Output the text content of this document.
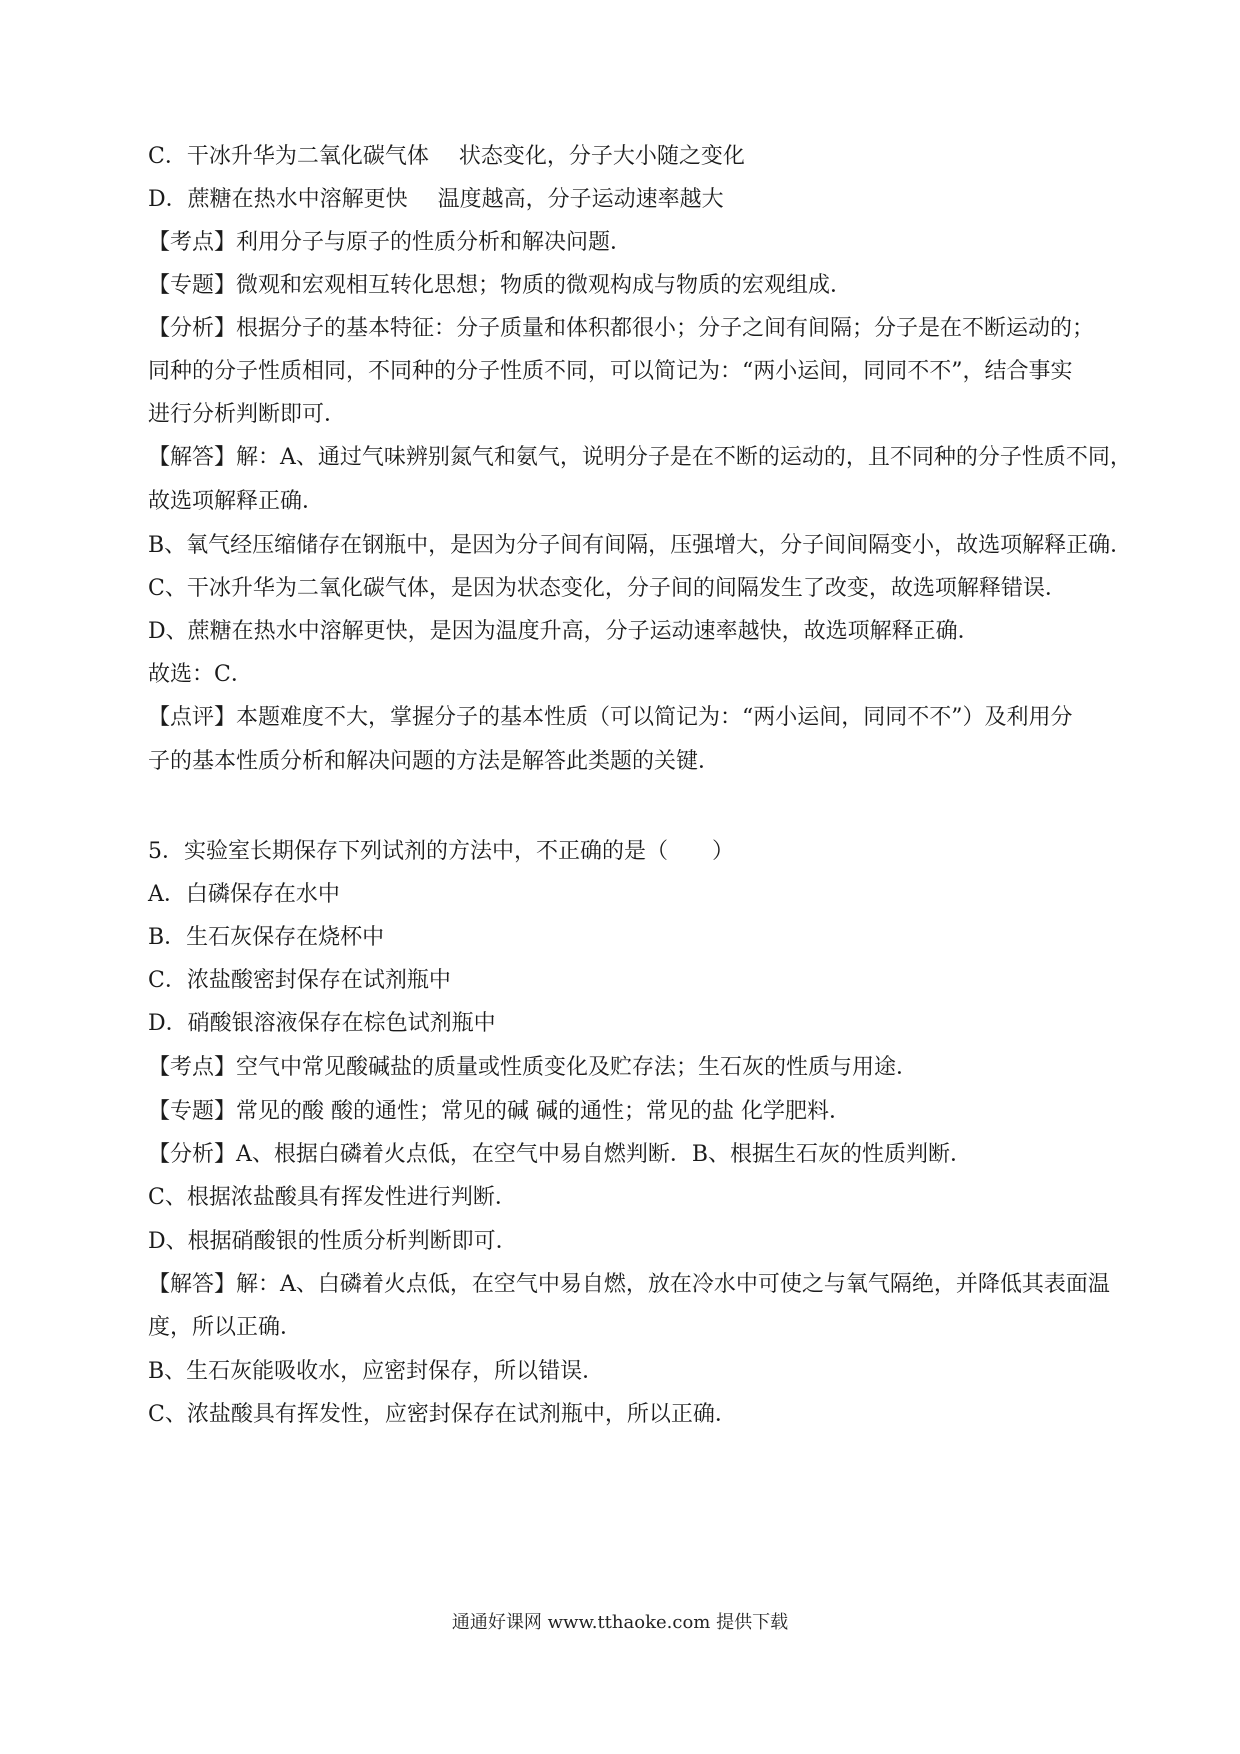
C．干冰升华为二氧化碳气体 状态变化，分子大小随之变化
D．蔗糖在热水中溶解更快 温度越高，分子运动速率越大
【考点】利用分子与原子的性质分析和解决问题．
【专题】微观和宏观相互转化思想；物质的微观构成与物质的宏观组成．
【分析】根据分子的基本特征：分子质量和体积都很小；分子之间有间隔；分子是在不断运动的；
同种的分子性质相同，不同种的分子性质不同，可以简记为：“两小运间，同同不不”，结合事实
进行分析判断即可．
【解答】解：A、通过气味辨别氮气和氨气，说明分子是在不断的运动的，且不同种的分子性质不同，
故选项解释正确．
B、氧气经压缩储存在钢瓶中，是因为分子间有间隔，压强增大，分子间间隔变小，故选项解释正确．
C、干冰升华为二氧化碳气体，是因为状态变化，分子间的间隔发生了改变，故选项解释错误．
D、蔗糖在热水中溶解更快，是因为温度升高，分子运动速率越快，故选项解释正确．
故选：C．
【点评】本题难度不大，掌握分子的基本性质（可以简记为：“两小运间，同同不不”）及利用分
子的基本性质分析和解决问题的方法是解答此类题的关键．
5．实验室长期保存下列试剂的方法中，不正确的是（　　）
A．白磷保存在水中
B．生石灰保存在烧杯中
C．浓盐酸密封保存在试剂瓶中
D．硝酸银溶液保存在棕色试剂瓶中
【考点】空气中常见酸碱盐的质量或性质变化及贮存法；生石灰的性质与用途．
【专题】常见的酸 酸的通性；常见的碱 碱的通性；常见的盐 化学肥料．
【分析】A、根据白磷着火点低，在空气中易自燃判断．B、根据生石灰的性质判断．
C、根据浓盐酸具有挥发性进行判断．
D、根据硝酸银的性质分析判断即可．
【解答】解：A、白磷着火点低，在空气中易自燃，放在冷水中可使之与氧气隔绝，并降低其表面温
度，所以正确．
B、生石灰能吸收水，应密封保存，所以错误．
C、浓盐酸具有挥发性，应密封保存在试剂瓶中，所以正确．
通通好课网 www.tthaoke.com 提供下载
